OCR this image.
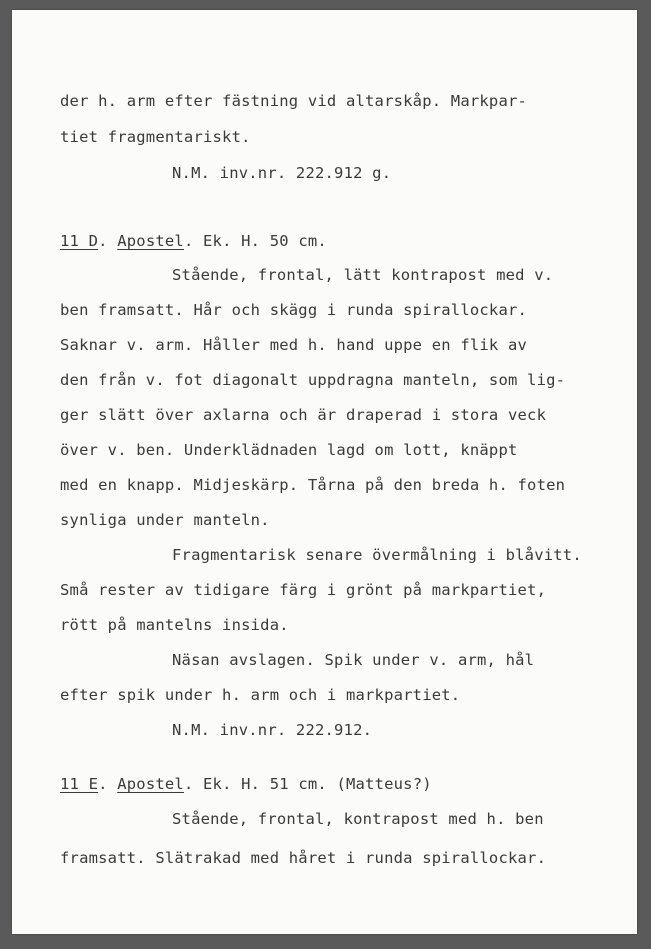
der h. arm efter fästning vid altarskåp. Markpar-
tiet fragmentariskt.
N.M. inv.nr. 222.912 g.
11 D. Apostel. Ek. H. 50 cm.
Stående, frontal, lätt kontrapost med v.
ben framsatt. Hår och skägg i runda spirallockar.
Saknar v. arm. Håller med h. hand uppe en flik av
den från v. fot diagonalt uppdragna manteln, som lig-
ger slätt över axlarna och är draperad i stora veck
över v. ben. Underklädnaden lagd om lott, knäppt
med en knapp. Midjeskärp. Tårna på den breda h. foten
synliga under manteln.
Fragmentarisk senare övermålning i blåvitt.
Små rester av tidigare färg i grönt på markpartiet,
rött på mantelns insida.
Näsan avslagen. Spik under v. arm, hål
efter spik under h. arm och i markpartiet.
N.M. inv.nr. 222.912.
11 E. Apostel. Ek. H. 51 cm. (Matteus?)
Stående, frontal, kontrapost med h. ben
framsatt. Slätrakad med håret i runda spirallockar.
